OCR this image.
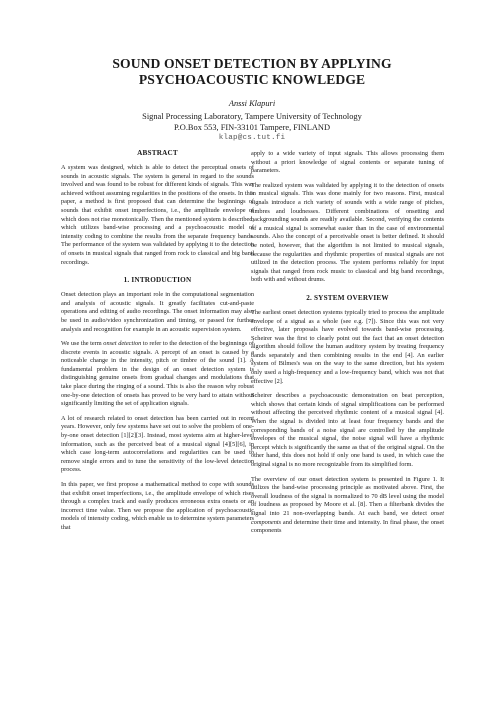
SOUND ONSET DETECTION BY APPLYING
PSYCHOACOUSTIC KNOWLEDGE
Anssi Klapuri
Signal Processing Laboratory, Tampere University of Technology
P.O.Box 553, FIN-33101 Tampere, FINLAND
klap@cs.tut.fi
ABSTRACT

A system was designed, which is able to detect the perceptual onsets of sounds in acoustic signals. The system is general in regard to the sounds involved and was found to be robust for different kinds of signals. This was achieved without assuming regularities in the positions of the onsets. In this paper, a method is first proposed that can determine the beginnings of sounds that exhibit onset imperfections, i.e., the amplitude envelope of which does not rise monotonically. Then the mentioned system is described, which utilizes band-wise processing and a psychoacoustic model of intensity coding to combine the results from the separate frequency bands. The performance of the system was validated by applying it to the detection of onsets in musical signals that ranged from rock to classical and big band recordings.

1. INTRODUCTION

Onset detection plays an important role in the computational segmentation and analysis of acoustic signals. It greatly facilitates cut-and-paste operations and editing of audio recordings. The onset information may also be used in audio/video synchronization and timing, or passed for further analysis and recognition for example in an acoustic supervision system.

We use the term onset detection to refer to the detection of the beginnings of discrete events in acoustic signals. A percept of an onset is caused by a noticeable change in the intensity, pitch or timbre of the sound [1]. A fundamental problem in the design of an onset detection system is distinguishing genuine onsets from gradual changes and modulations that take place during the ringing of a sound. This is also the reason why robust one-by-one detection of onsets has proved to be very hard to attain without significantly limiting the set of application signals.

A lot of research related to onset detection has been carried out in recent years. However, only few systems have set out to solve the problem of one-by-one onset detection [1][2][3]. Instead, most systems aim at higher-level information, such as the perceived beat of a musical signal [4][5][6], in which case long-term autocorrelations and regularities can be used to remove single errors and to tune the sensitivity of the low-level detection process.

In this paper, we first propose a mathematical method to cope with sounds that exhibit onset imperfections, i.e., the amplitude envelope of which rises through a complex track and easily produces erroneous extra onsets or an incorrect time value. Then we propose the application of psychoacoustic models of intensity coding, which enable us to determine system parameters that

apply to a wide variety of input signals. This allows processing them without a priori knowledge of signal contents or separate tuning of parameters.

The realized system was validated by applying it to the detection of onsets in musical signals. This was done mainly for two reasons. First, musical signals introduce a rich variety of sounds with a wide range of pitches, timbres and loudnesses. Different combinations of onsetting and backgrounding sounds are readily available. Second, verifying the contents of a musical signal is somewhat easier than in the case of environmental sounds. Also the concept of a perceivable onset is better defined. It should be noted, however, that the algorithm is not limited to musical signals, because the regularities and rhythmic properties of musical signals are not utilized in the detection process. The system performs reliably for input signals that ranged from rock music to classical and big band recordings, both with and without drums.

2. SYSTEM OVERVIEW

The earliest onset detection systems typically tried to process the amplitude envelope of a signal as a whole (see e.g. [7]). Since this was not very effective, later proposals have evolved towards band-wise processing. Scheirer was the first to clearly point out the fact that an onset detection algorithm should follow the human auditory system by treating frequency bands separately and then combining results in the end [4]. An earlier system of Bilmes's was on the way to the same direction, but his system only used a high-frequency and a low-frequency band, which was not that effective [2].

Scheirer describes a psychoacoustic demonstration on beat perception, which shows that certain kinds of signal simplifications can be performed without affecting the perceived rhythmic content of a musical signal [4]. When the signal is divided into at least four frequency bands and the corresponding bands of a noise signal are controlled by the amplitude envelopes of the musical signal, the noise signal will have a rhythmic percept which is significantly the same as that of the original signal. On the other hand, this does not hold if only one band is used, in which case the original signal is no more recognizable from its simplified form.

The overview of our onset detection system is presented in Figure 1. It utilizes the band-wise processing principle as motivated above. First, the overall loudness of the signal is normalized to 70 dB level using the model of loudness as proposed by Moore et al. [8]. Then a filterbank divides the signal into 21 non-overlapping bands. At each band, we detect onset components and determine their time and intensity. In final phase, the onset components
